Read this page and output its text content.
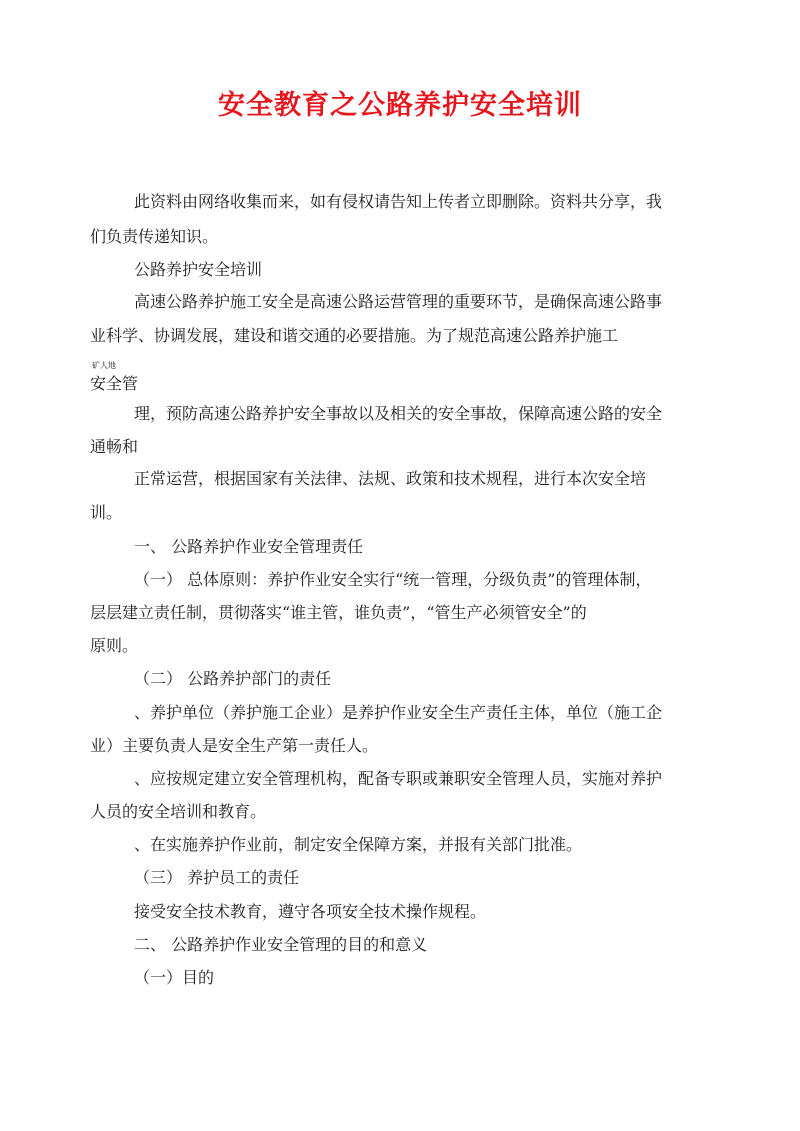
安全教育之公路养护安全培训
此资料由网络收集而来，如有侵权请告知上传者立即删除。资料共分享，我
们负责传递知识。
公路养护安全培训
高速公路养护施工安全是高速公路运营管理的重要环节，是确保高速公路事
业科学、协调发展，建设和谐交通的必要措施。为了规范高速公路养护施工
矿人地
安全管
理，预防高速公路养护安全事故以及相关的安全事故，保障高速公路的安全
通畅和
正常运营，根据国家有关法律、法规、政策和技术规程，进行本次安全培
训。
一、 公路养护作业安全管理责任
（一） 总体原则：养护作业安全实行“统一管理，分级负责”的管理体制，
层层建立责任制，贯彻落实“谁主管，谁负责”，“管生产必须管安全”的
原则。
（二） 公路养护部门的责任
、养护单位（养护施工企业）是养护作业安全生产责任主体，单位（施工企
业）主要负责人是安全生产第一责任人。
、应按规定建立安全管理机构，配备专职或兼职安全管理人员，实施对养护
人员的安全培训和教育。
、在实施养护作业前，制定安全保障方案，并报有关部门批准。
（三） 养护员工的责任
接受安全技术教育，遵守各项安全技术操作规程。
二、 公路养护作业安全管理的目的和意义
（一）目的
